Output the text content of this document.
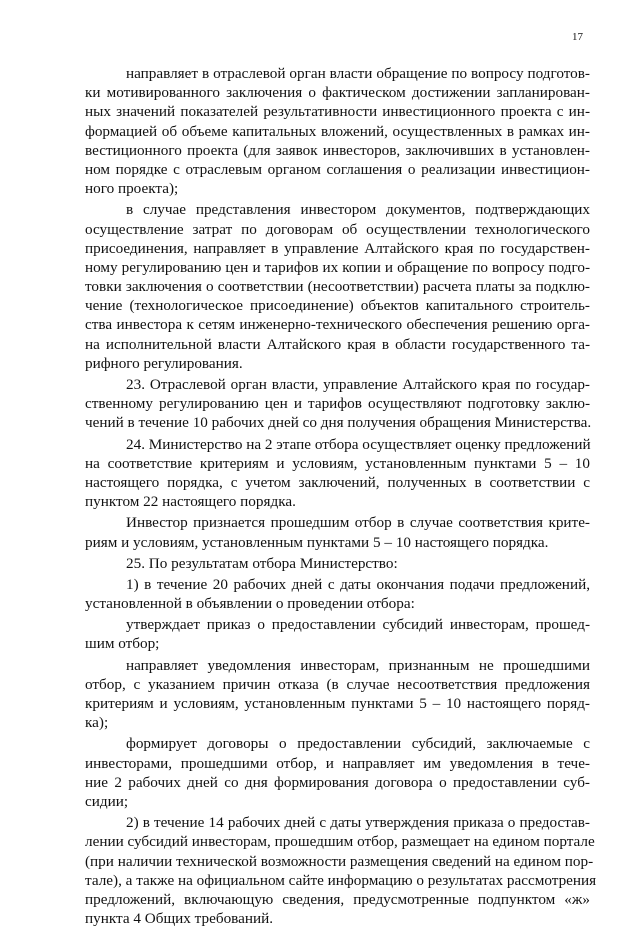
17
направляет в отраслевой орган власти обращение по вопросу подготов-
ки мотивированного заключения о фактическом достижении запланирован-
ных значений показателей результативности инвестиционного проекта с ин-
формацией об объеме капитальных вложений, осуществленных в рамках ин-
вестиционного проекта (для заявок инвесторов, заключивших в установлен-
ном порядке с отраслевым органом соглашения о реализации инвестицион-
ного проекта);
в случае представления инвестором документов, подтверждающих
осуществление затрат по договорам об осуществлении технологического
присоединения, направляет в управление Алтайского края по государствен-
ному регулированию цен и тарифов их копии и обращение по вопросу подго-
товки заключения о соответствии (несоответствии) расчета платы за подклю-
чение (технологическое присоединение) объектов капитального строитель-
ства инвестора к сетям инженерно-технического обеспечения решению орга-
на исполнительной власти Алтайского края в области государственного та-
рифного регулирования.
23. Отраслевой орган власти, управление Алтайского края по государ-
ственному регулированию цен и тарифов осуществляют подготовку заклю-
чений в течение 10 рабочих дней со дня получения обращения Министерства.
24. Министерство на 2 этапе отбора осуществляет оценку предложений
на соответствие критериям и условиям, установленным пунктами 5 – 10
настоящего порядка, с учетом заключений, полученных в соответствии с
пунктом 22 настоящего порядка.
Инвестор признается прошедшим отбор в случае соответствия крите-
риям и условиям, установленным пунктами 5 – 10 настоящего порядка.
25. По результатам отбора Министерство:
1) в течение 20 рабочих дней с даты окончания подачи предложений,
установленной в объявлении о проведении отбора:
утверждает приказ о предоставлении субсидий инвесторам, прошед-
шим отбор;
направляет уведомления инвесторам, признанным не прошедшими
отбор, с указанием причин отказа (в случае несоответствия предложения
критериям и условиям, установленным пунктами 5 – 10 настоящего поряд-
ка);
формирует договоры о предоставлении субсидий, заключаемые с
инвесторами, прошедшими отбор, и направляет им уведомления в тече-
ние 2 рабочих дней со дня формирования договора о предоставлении суб-
сидии;
2) в течение 14 рабочих дней с даты утверждения приказа о предостав-
лении субсидий инвесторам, прошедшим отбор, размещает на едином портале
(при наличии технической возможности размещения сведений на едином пор-
тале), а также на официальном сайте информацию о результатах рассмотрения
предложений, включающую сведения, предусмотренные подпунктом «ж»
пункта 4 Общих требований.
